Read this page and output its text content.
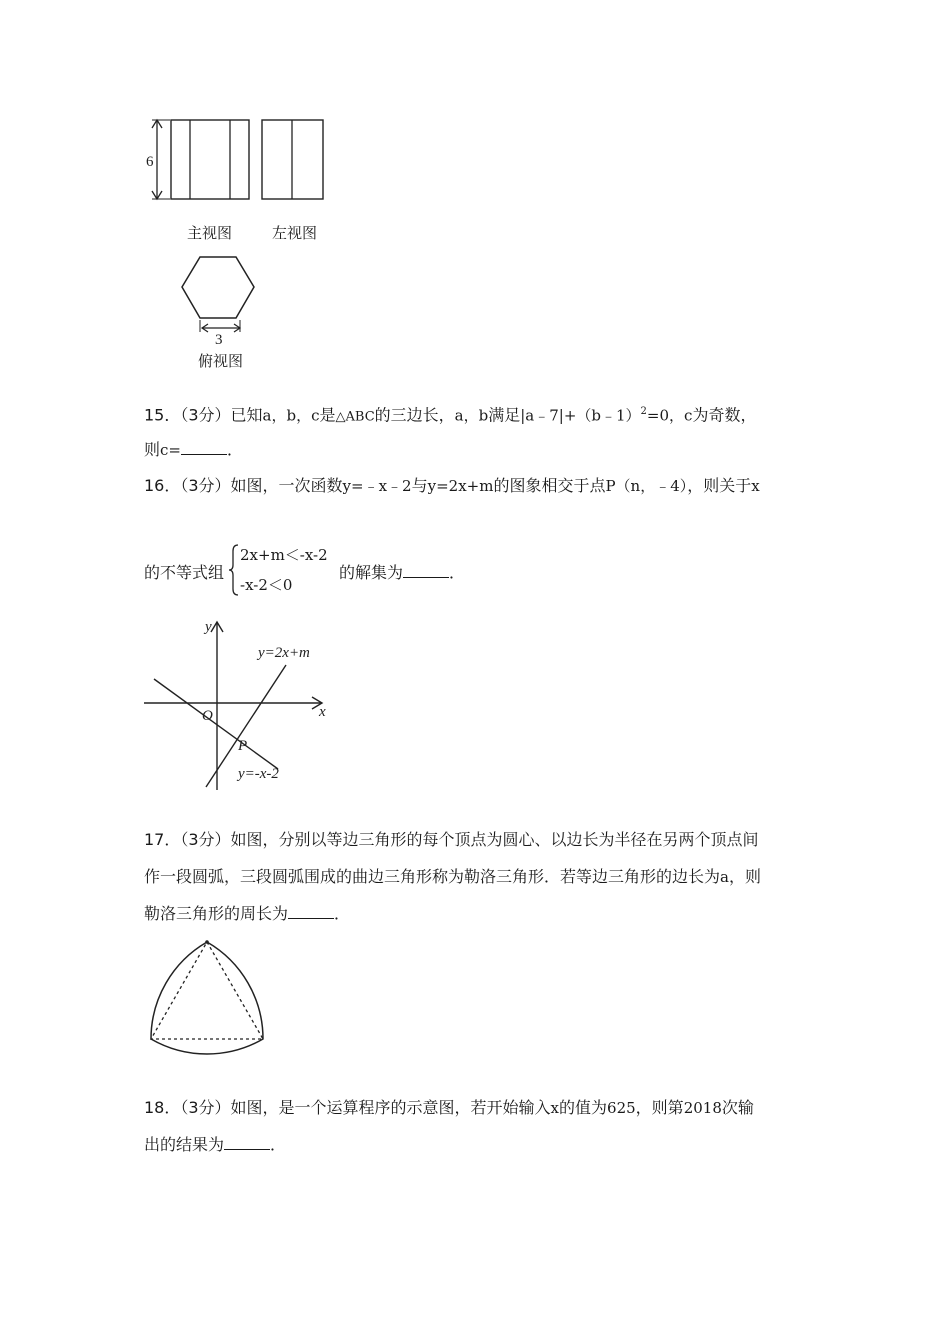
6
3
主视图	左视图
俯视图
15．（3分）已知a，b，c是△ABC的三边长，a，b满足|a﹣7|+（b﹣1）$^2$=0，c为奇数，
则c=	．
16．（3分）如图，一次函数y=﹣x﹣2与y=2x+m的图象相交于点P（n，﹣4），则关于x
的不等式组
2x+m＜-x-2
-x-2＜0
的解集为	．
y
x
O
P
y=2x+m
y=-x-2
17．（3分）如图，分别以等边三角形的每个顶点为圆心、以边长为半径在另两个顶点间
作一段圆弧，三段圆弧围成的曲边三角形称为勒洛三角形．若等边三角形的边长为a，则
勒洛三角形的周长为	．
18．（3分）如图，是一个运算程序的示意图，若开始输入x的值为625，则第2018次输
出的结果为	．
